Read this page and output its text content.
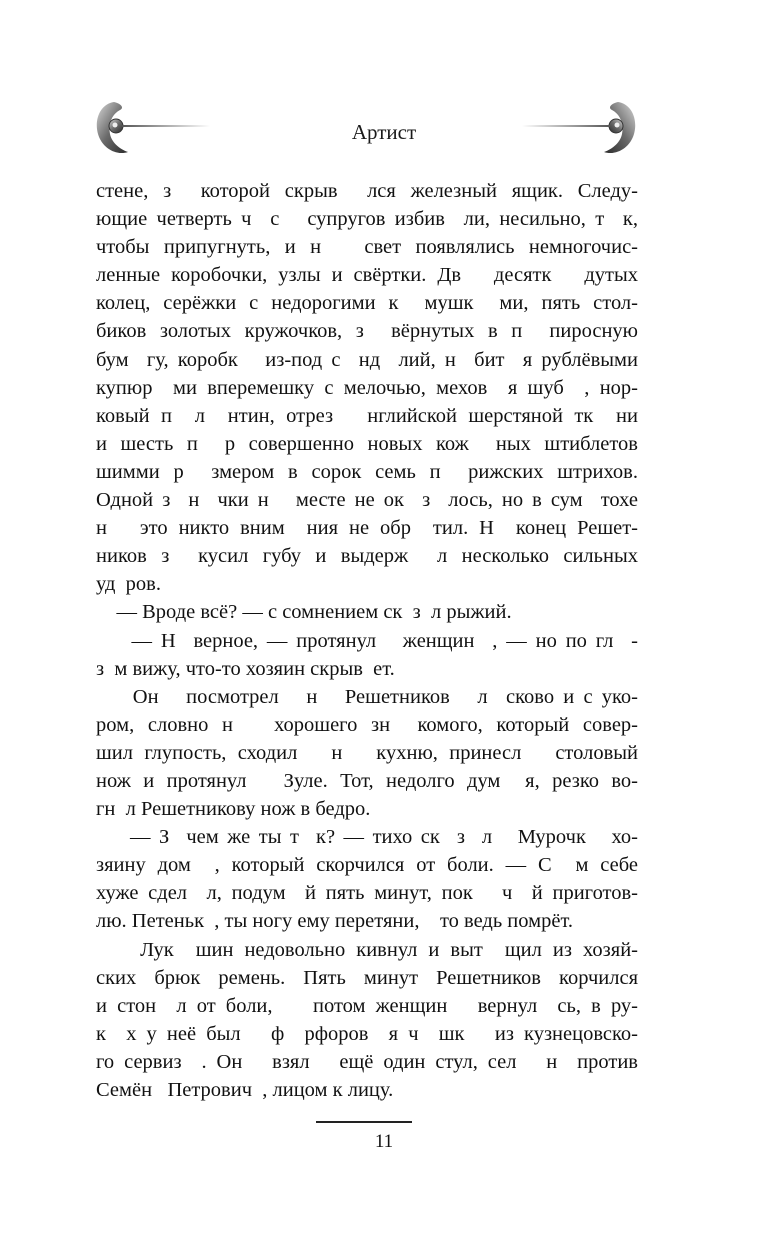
Артист
стене, з  которой скрыв  лся железный ящик. Следу-
ющие четверть ч  с   супругов избив  ли, несильно, т  к,
чтобы припугнуть, и н   свет появлялись немногочис-
ленные коробочки, узлы и свёртки. Дв   десятк   дутых
колец, серёжки с недорогими к  мушк  ми, пять стол-
биков золотых кружочков, з  вёрнутых в п  пиросную
бум  гу, коробк   из-под с  нд  лий, н  бит  я рублёвыми
купюр  ми вперемешку с мелочью, мехов  я шуб  , нор-
ковый п  л  нтин, отрез   нглийской шерстяной тк  ни
и шесть п  р совершенно новых кож  ных штиблетов
шимми р  змером в сорок семь п  рижских штрихов.
Одной з  н  чки н   месте не ок  з  лось, но в сум  тохе
н   это никто вним  ния не обр  тил. Н  конец Решет-
ников з  кусил губу и выдерж  л несколько сильных
уд  ров.
— Вроде всё? — с сомнением ск  з  л рыжий.
— Н  верное, — протянул   женщин  , — но по гл  -
з  м вижу, что-то хозяин скрыв  ет.
Он   посмотрел   н   Решетников   л  сково и с уко-
ром, словно н   хорошего зн  комого, который совер-
шил глупость, сходил   н   кухню, принесл   столовый
нож и протянул   Зуле. Тот, недолго дум  я, резко во-
гн  л Решетникову нож в бедро.
— З  чем же ты т  к? — тихо ск  з  л   Мурочк   хо-
зяину дом  , который скорчился от боли. — С  м себе
хуже сдел  л, подум  й пять минут, пок   ч  й приготов-
лю. Петеньк  , ты ногу ему перетяни,    то ведь помрёт.
Лук  шин недовольно кивнул и выт  щил из хозяй-
ских брюк ремень. Пять минут Решетников корчился
и стон  л от боли,    потом женщин   вернул  сь, в ру-
к  х у неё был   ф  рфоров  я ч  шк   из кузнецовско-
го сервиз  . Он   взял   ещё один стул, сел   н  против
Семён   Петрович  , лицом к лицу.
11
